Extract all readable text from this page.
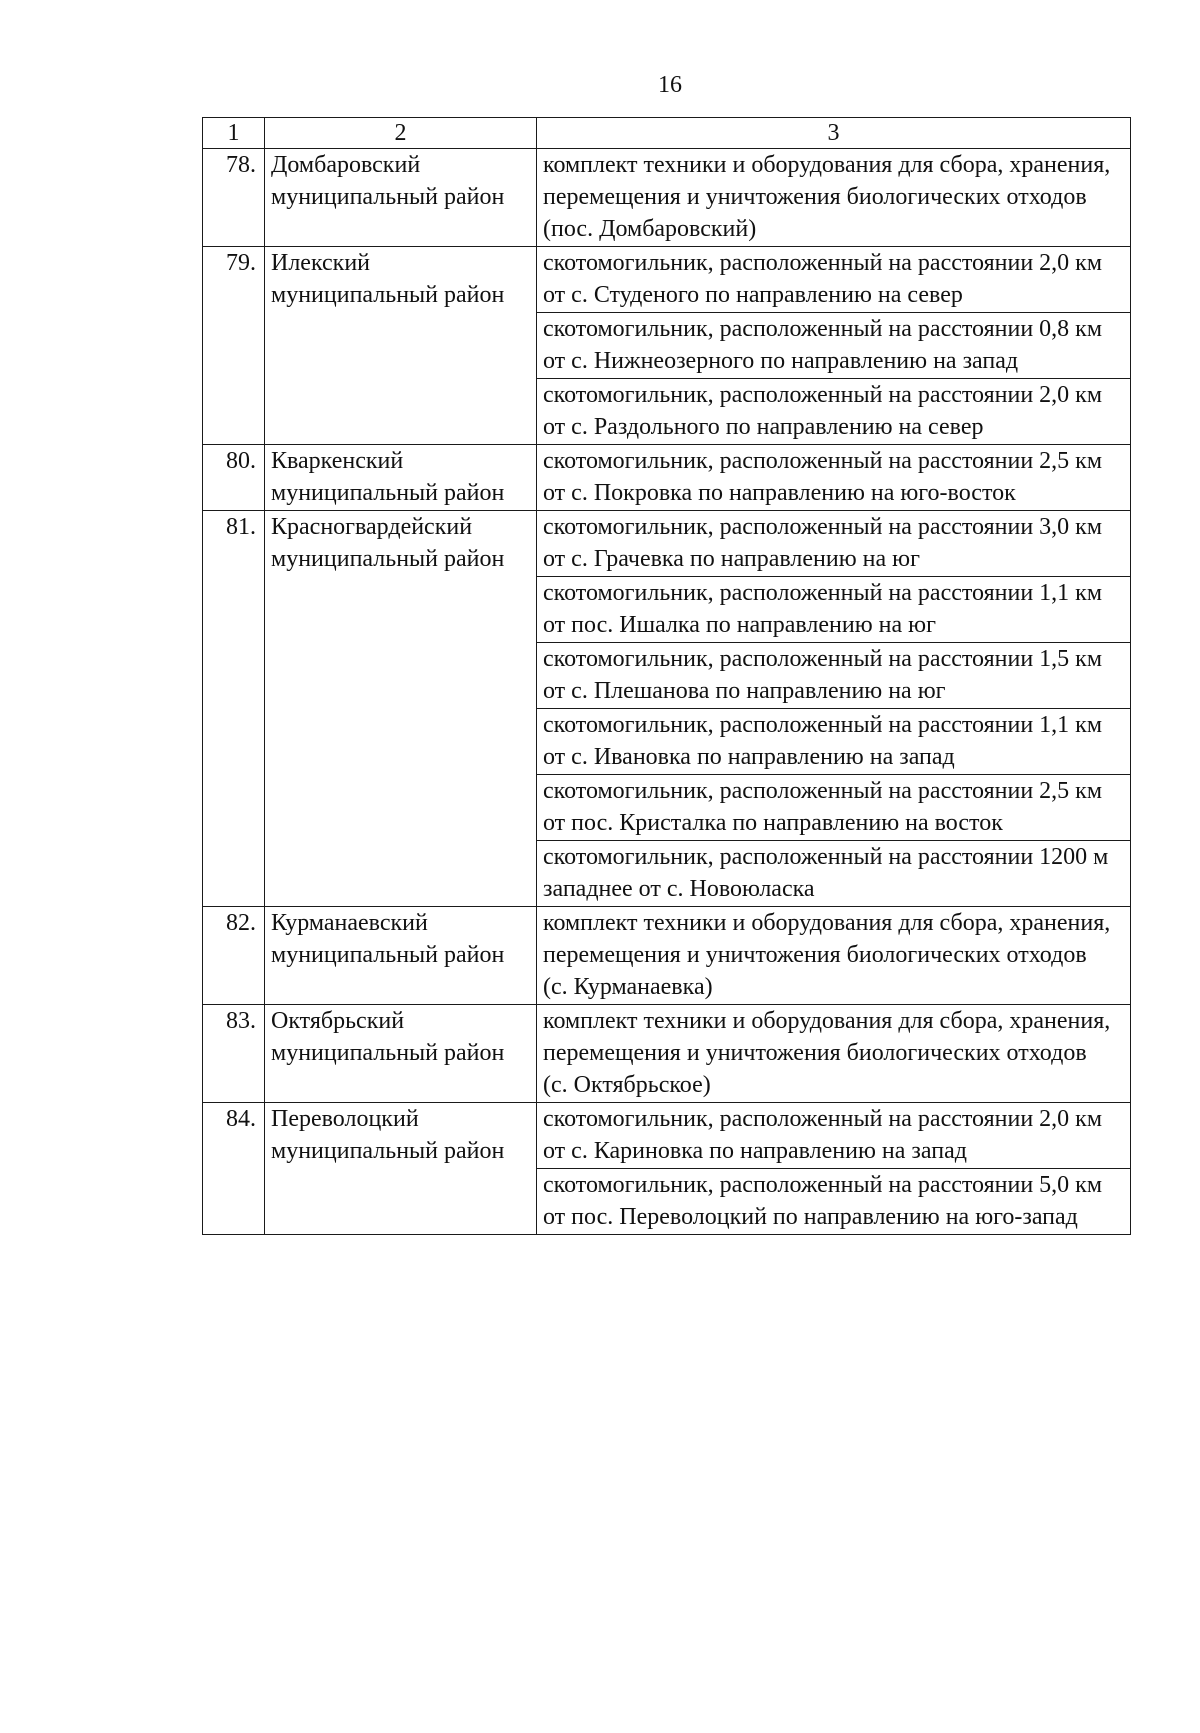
16
1	2	3
78.	Домбаровский муниципальный район	комплект техники и оборудования для сбора, хранения, перемещения и уничтожения биологических отходов
(пос. Домбаровский)

79.	Илекский муниципальный район	скотомогильник, расположенный на расстоянии 2,0 км от с. Студеного по направлению на север

		скотомогильник, расположенный на расстоянии 0,8 км от с. Нижнеозерного по направлению на запад

		скотомогильник, расположенный на расстоянии 2,0 км от с. Раздольного по направлению на север

80.	Кваркенский муниципальный район	скотомогильник, расположенный на расстоянии 2,5 км от с. Покровка по направлению на юго-восток

81.	Красногвардейский муниципальный район	скотомогильник, расположенный на расстоянии 3,0 км от с. Грачевка по направлению на юг

		скотомогильник, расположенный на расстоянии 1,1 км от пос. Ишалка по направлению на юг

		скотомогильник, расположенный на расстоянии 1,5 км от с. Плешанова по направлению на юг

		скотомогильник, расположенный на расстоянии 1,1 км от с. Ивановка по направлению на запад

		скотомогильник, расположенный на расстоянии 2,5 км от пос. Кристалка по направлению на восток

		скотомогильник, расположенный на расстоянии 1200 м западнее от с. Новоюласка

82.	Курманаевский муниципальный район	комплект техники и оборудования для сбора, хранения, перемещения и уничтожения биологических отходов
(с. Курманаевка)

83.	Октябрьский муниципальный район	комплект техники и оборудования для сбора, хранения, перемещения и уничтожения биологических отходов
(с. Октябрьское)

84.	Переволоцкий муниципальный район	скотомогильник, расположенный на расстоянии 2,0 км от с. Кариновка по направлению на запад

		скотомогильник, расположенный на расстоянии 5,0 км от пос. Переволоцкий по направлению на юго-запад
